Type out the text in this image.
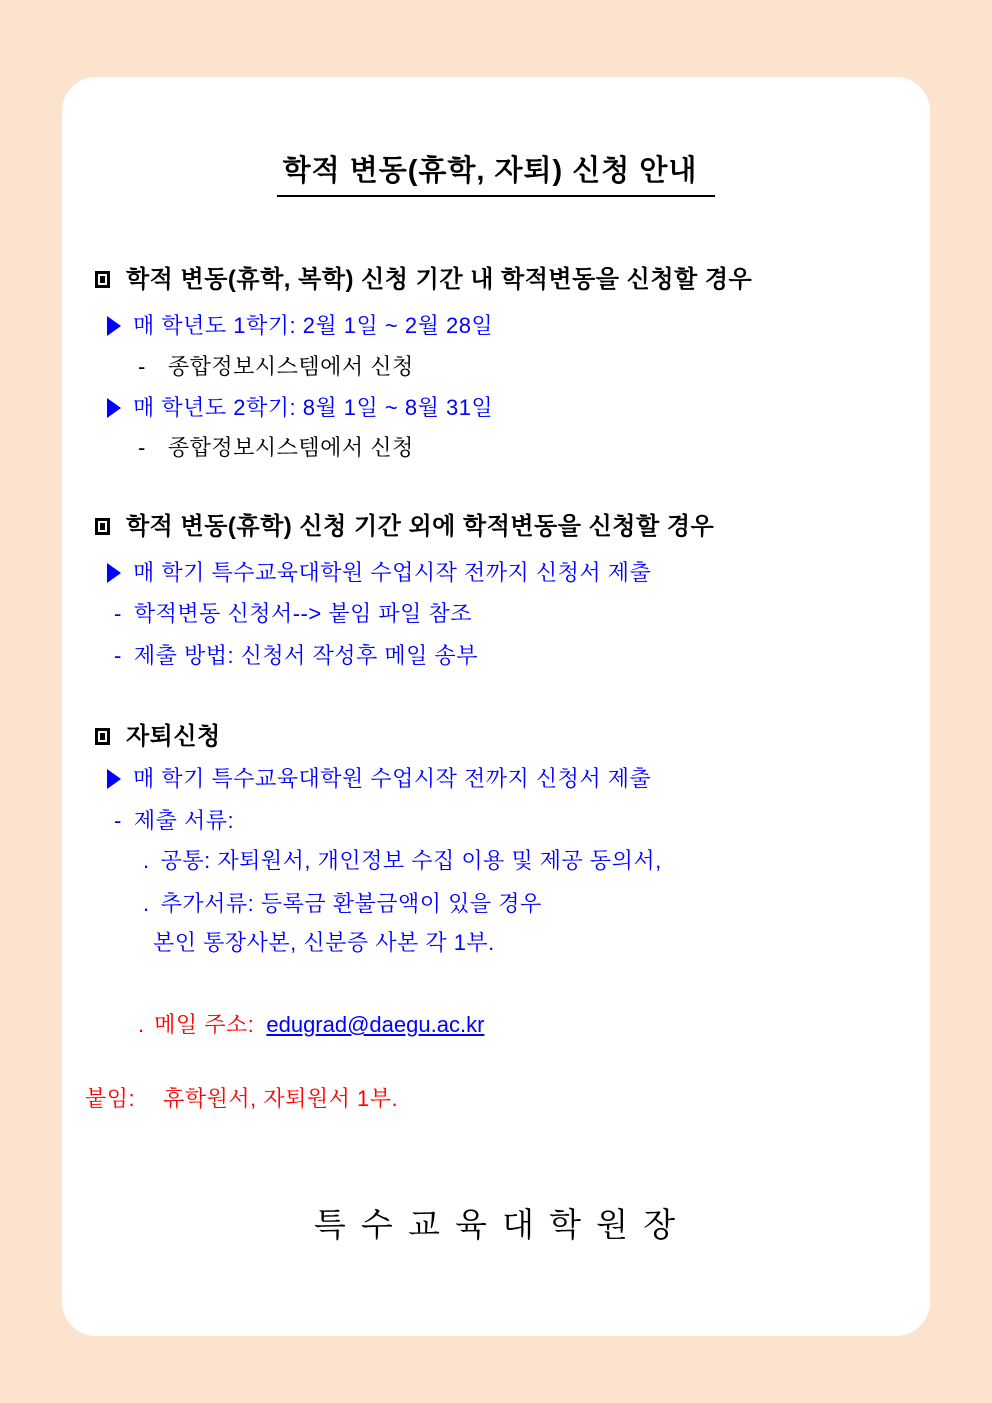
학적 변동(휴학, 자퇴) 신청 안내
학적 변동(휴학, 복학) 신청 기간 내 학적변동을 신청할 경우
매 학년도 1학기: 2월 1일 ~ 2월 28일
- 종합정보시스템에서 신청
매 학년도 2학기: 8월 1일 ~ 8월 31일
- 종합정보시스템에서 신청
학적 변동(휴학) 신청 기간 외에 학적변동을 신청할 경우
매 학기 특수교육대학원 수업시작 전까지 신청서 제출
- 학적변동 신청서--> 붙임 파일 참조
- 제출 방법: 신청서 작성후 메일 송부
자퇴신청
매 학기 특수교육대학원 수업시작 전까지 신청서 제출
- 제출 서류:
. 공통: 자퇴원서, 개인정보 수집 이용 및 제공 동의서,
. 추가서류: 등록금 환불금액이 있을 경우
본인 통장사본, 신분증 사본 각 1부.
. 메일 주소: edugrad@daegu.ac.kr
붙임: 휴학원서, 자퇴원서 1부.
특 수 교 육 대 학 원 장
